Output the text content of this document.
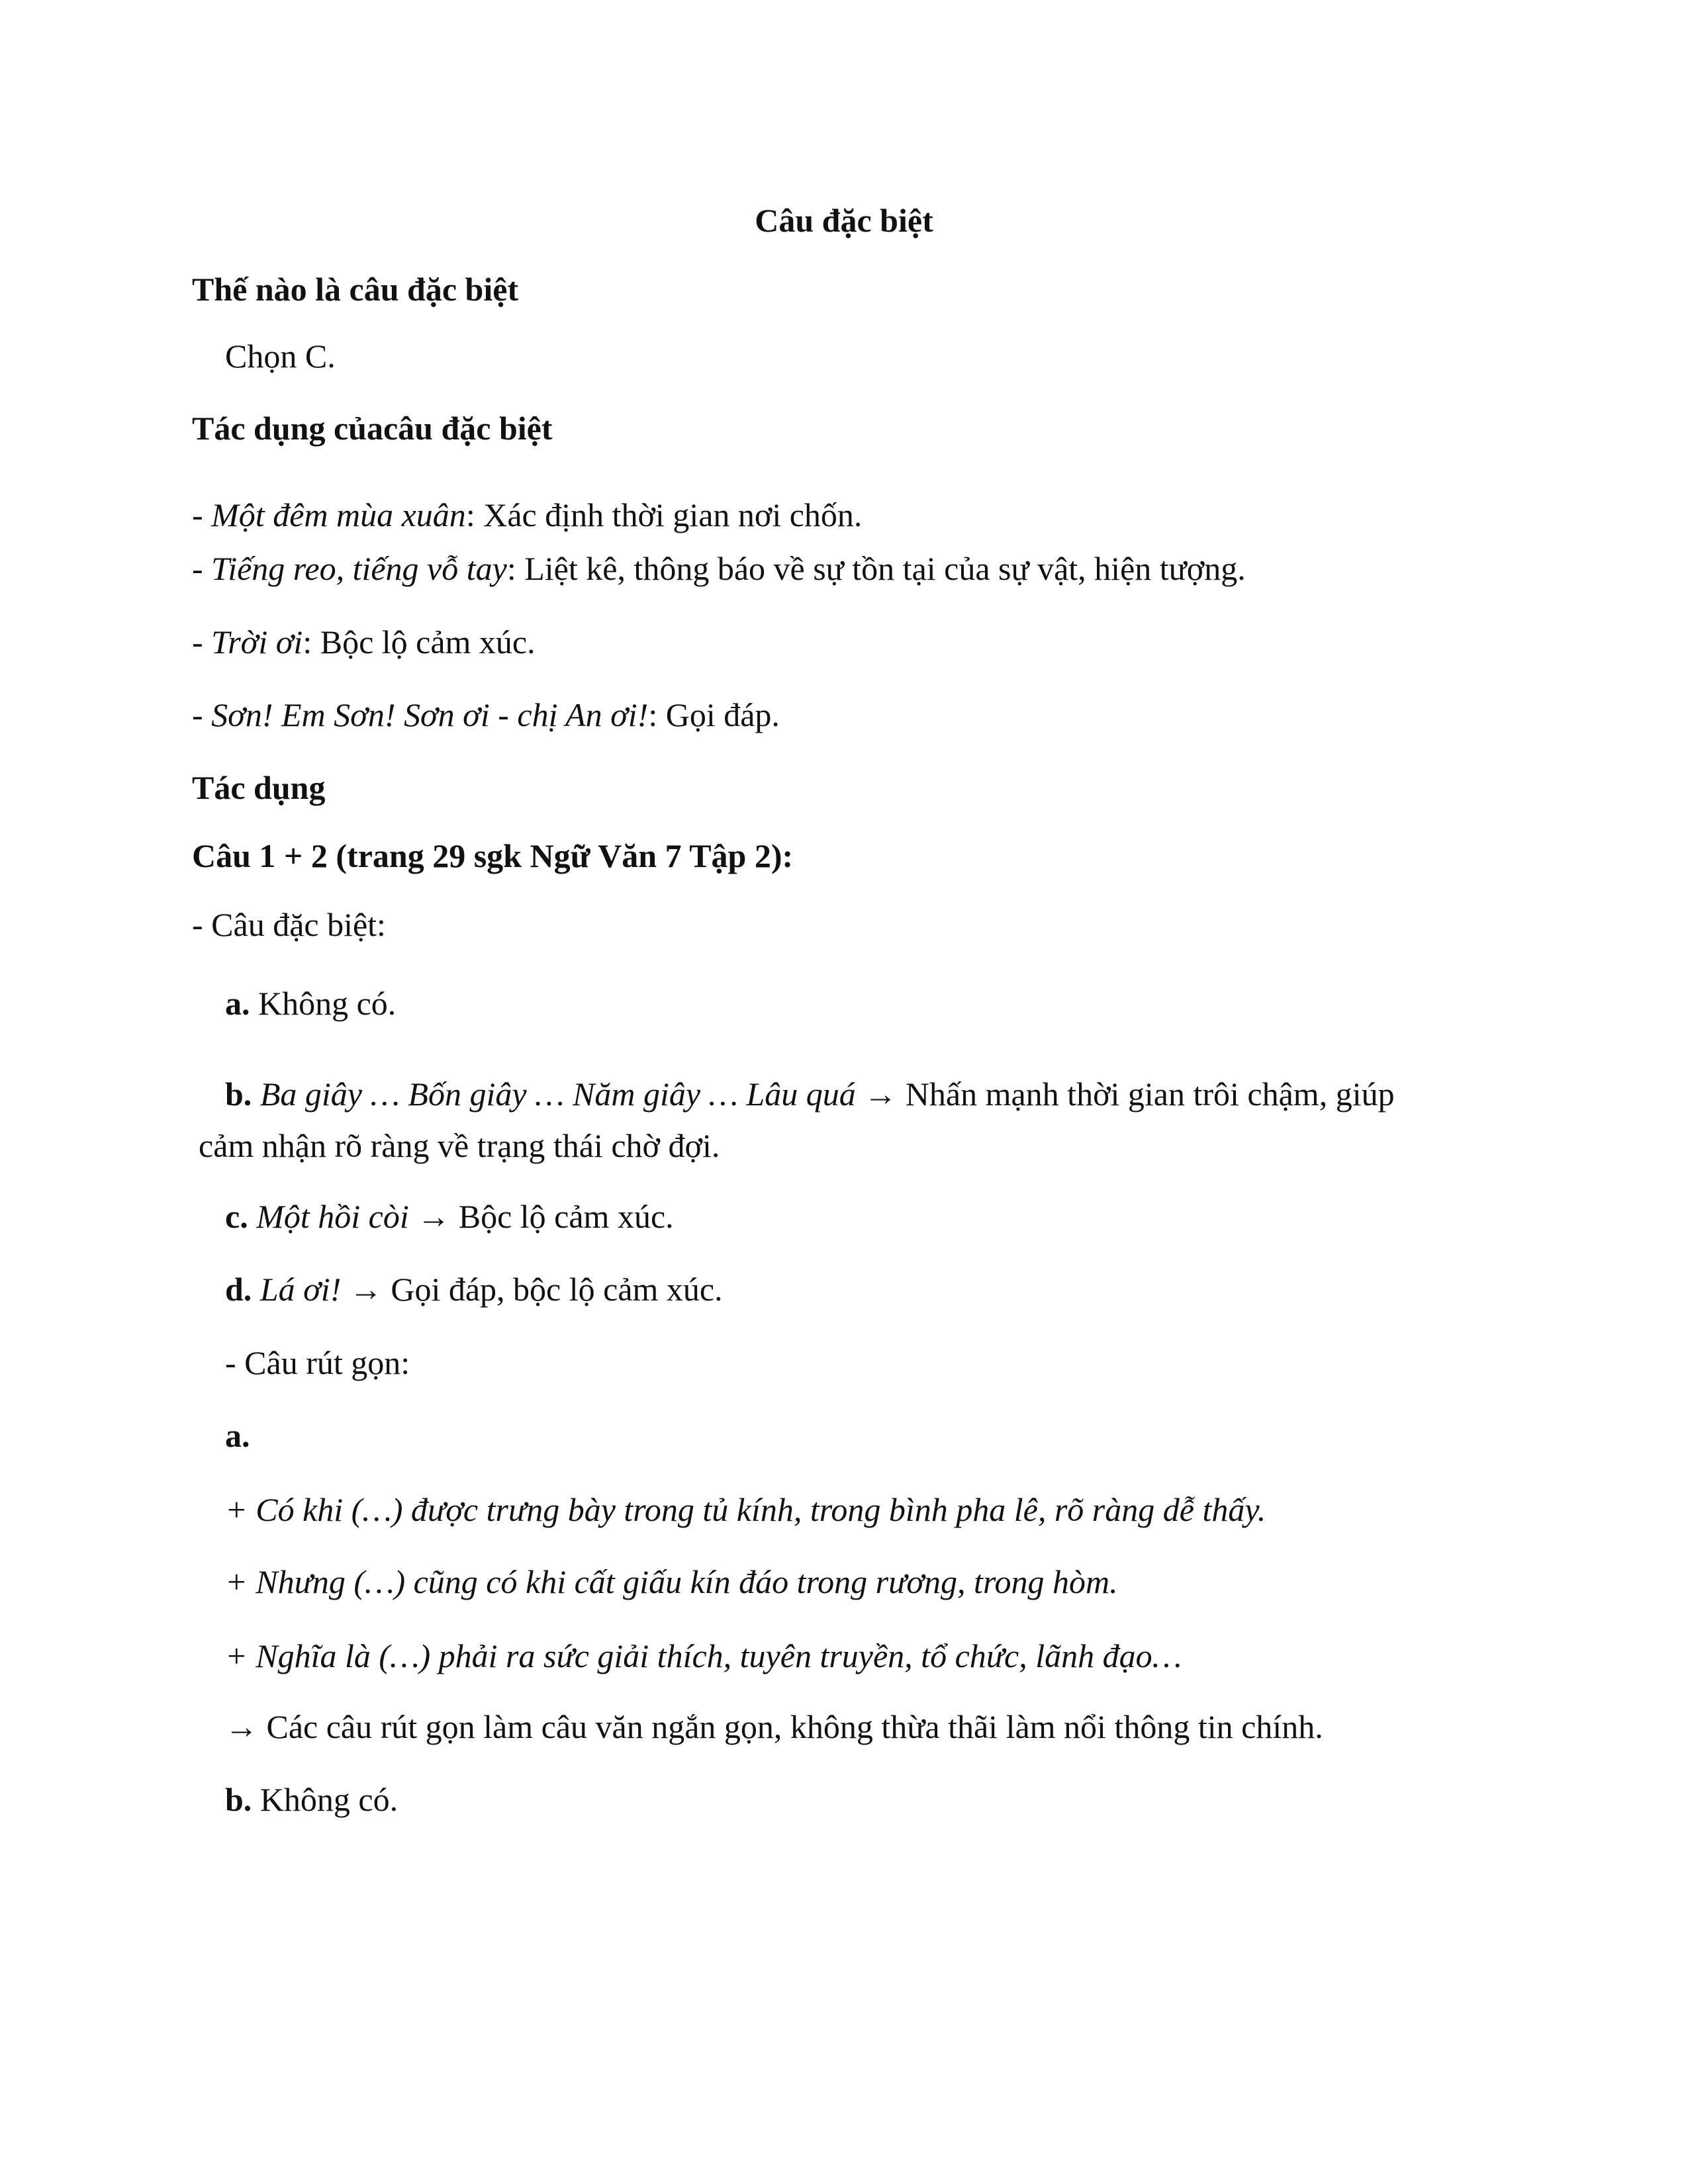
Câu đặc biệt
Thế nào là câu đặc biệt
Chọn C.
Tác dụng củacâu đặc biệt
- Một đêm mùa xuân: Xác định thời gian nơi chốn.
- Tiếng reo, tiếng vỗ tay: Liệt kê, thông báo về sự tồn tại của sự vật, hiện tượng.
- Trời ơi: Bộc lộ cảm xúc.
- Sơn! Em Sơn! Sơn ơi - chị An ơi!: Gọi đáp.
Tác dụng
Câu 1 + 2 (trang 29 sgk Ngữ Văn 7 Tập 2):
- Câu đặc biệt:
a. Không có.
b. Ba giây … Bốn giây … Năm giây … Lâu quá → Nhấn mạnh thời gian trôi chậm, giúp
cảm nhận rõ ràng về trạng thái chờ đợi.
c. Một hồi còi → Bộc lộ cảm xúc.
d. Lá ơi! → Gọi đáp, bộc lộ cảm xúc.
- Câu rút gọn:
a.
+ Có khi (…) được trưng bày trong tủ kính, trong bình pha lê, rõ ràng dễ thấy.
+ Nhưng (…) cũng có khi cất giấu kín đáo trong rương, trong hòm.
+ Nghĩa là (…) phải ra sức giải thích, tuyên truyền, tổ chức, lãnh đạo…
→ Các câu rút gọn làm câu văn ngắn gọn, không thừa thãi làm nổi thông tin chính.
b. Không có.
